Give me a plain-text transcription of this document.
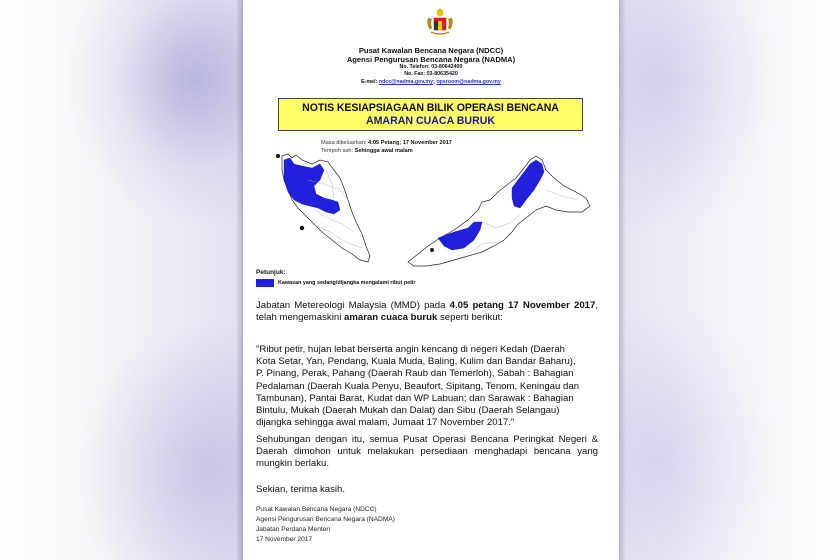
Pusat Kawalan Bencana Negara (NDCC)
Agensi Pengurusan Bencana Negara (NADMA)
No. Telefon: 03-80642400
No. Fax: 03-80635420
E-mel: ndcc@nadma.gov.my; opsroom@nadma.gov.my
NOTIS KESIAPSIAGAAN BILIK OPERASI BENCANA
AMARAN CUACA BURUK
Masa dikeluarkan: 4:05 Petang; 17 November 2017
Tempoh sah: Sehingga awal malam
Petunjuk:
Kawasan yang sedang/dijangka mengalami ribut petir
Jabatan Metereologi Malaysia (MMD) pada 4.05 petang 17 November 2017, telah mengemaskini amaran cuaca buruk seperti berikut:
"Ribut petir, hujan lebat berserta angin kencang di negeri Kedah (Daerah Kota Setar, Yan, Pendang, Kuala Muda, Baling, Kulim dan Bandar Baharu), P. Pinang, Perak, Pahang (Daerah Raub dan Temerloh), Sabah : Bahagian Pedalaman (Daerah Kuala Penyu, Beaufort, Sipitang, Tenom, Keningau dan Tambunan), Pantai Barat, Kudat dan WP Labuan; dan Sarawak : Bahagian Bintulu, Mukah (Daerah Mukah dan Dalat) dan Sibu (Daerah Selangau) dijangka sehingga awal malam, Jumaat 17 November 2017."
Sehubungan dengan itu, semua Pusat Operasi Bencana Peringkat Negeri & Daerah dimohon untuk melakukan persediaan menghadapi bencana yang mungkin berlaku.
Sekian, terima kasih.
Pusat Kawalan Bencana Negara (NDCC)
Agensi Pengurusan Bencana Negara (NADMA)
Jabatan Perdana Menteri
17 November 2017
